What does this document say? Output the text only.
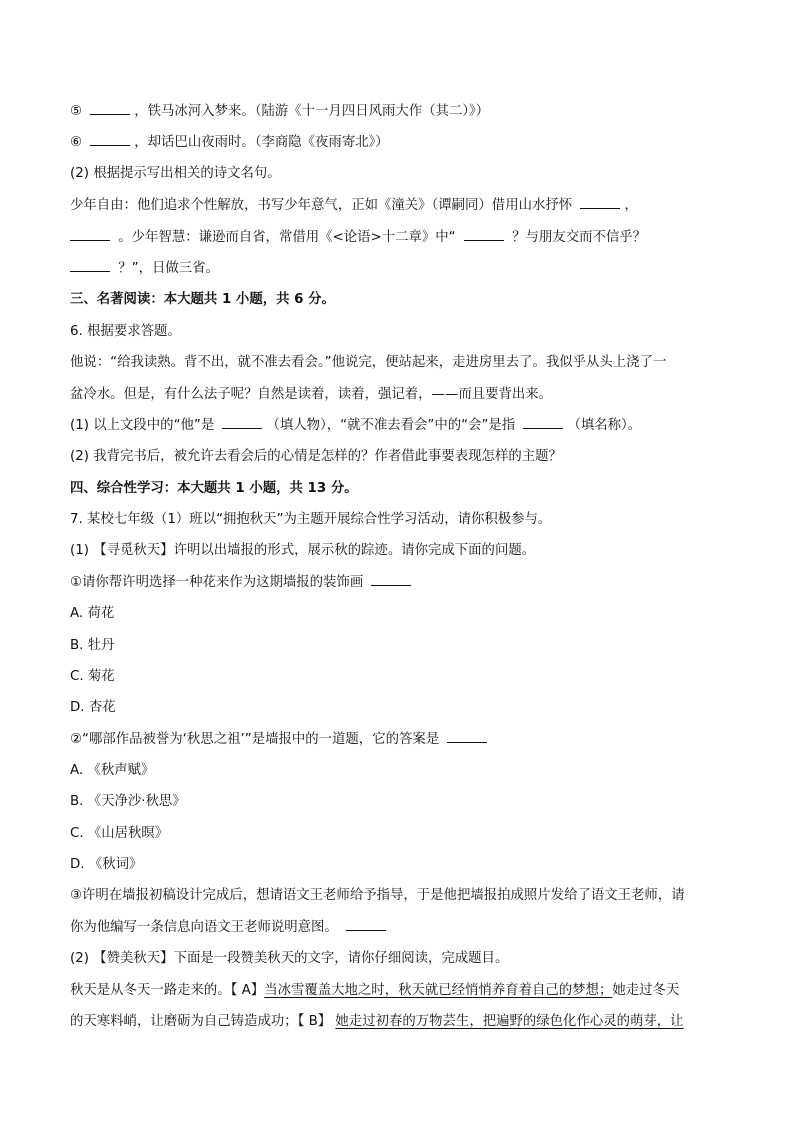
⑤	，铁马冰河入梦来。（陆游《十一月四日风雨大作（其二）》）
⑥	，却话巴山夜雨时。（李商隐《夜雨寄北》）
(2) 根据提示写出相关的诗文名句。
少年自由：他们追求个性解放，书写少年意气，正如《潼关》（谭嗣同）借用山水抒怀	，
。少年智慧：谦逊而自省，常借用《<论语>十二章》中“	？与朋友交而不信乎？
？”，日做三省。
三、名著阅读：本大题共 1 小题，共 6 分。
6. 根据要求答题。
他说：“给我读熟。背不出，就不准去看会。”他说完，便站起来，走进房里去了。我似乎从头上浇了一
盆冷水。但是，有什么法子呢？自然是读着，读着，强记着，——而且要背出来。
(1) 以上文段中的“他”是	（填人物），“就不准去看会”中的“会”是指	（填名称）。
(2) 我背完书后，被允许去看会后的心情是怎样的？作者借此事要表现怎样的主题？
四、综合性学习：本大题共 1 小题，共 13 分。
7. 某校七年级（1）班以“拥抱秋天”为主题开展综合性学习活动，请你积极参与。
(1) 【寻觅秋天】许明以出墙报的形式，展示秋的踪迹。请你完成下面的问题。
①请你帮许明选择一种花来作为这期墙报的装饰画
A. 荷花
B. 牡丹
C. 菊花
D. 杏花
②“哪部作品被誉为‘秋思之祖’”是墙报中的一道题，它的答案是
A. 《秋声赋》
B. 《天净沙·秋思》
C. 《山居秋暝》
D. 《秋词》
③许明在墙报初稿设计完成后，想请语文王老师给予指导，于是他把墙报拍成照片发给了语文王老师，请
你为他编写一条信息向语文王老师说明意图。
(2) 【赞美秋天】下面是一段赞美秋天的文字，请你仔细阅读，完成题目。
秋天是从冬天一路走来的。【 A】当冰雪覆盖大地之时，秋天就已经悄悄养育着自己的梦想；她走过冬天
的天寒料峭，让磨砺为自己铸造成功；【 B】 她走过初春的万物芸生，把遍野的绿色化作心灵的萌芽，让
